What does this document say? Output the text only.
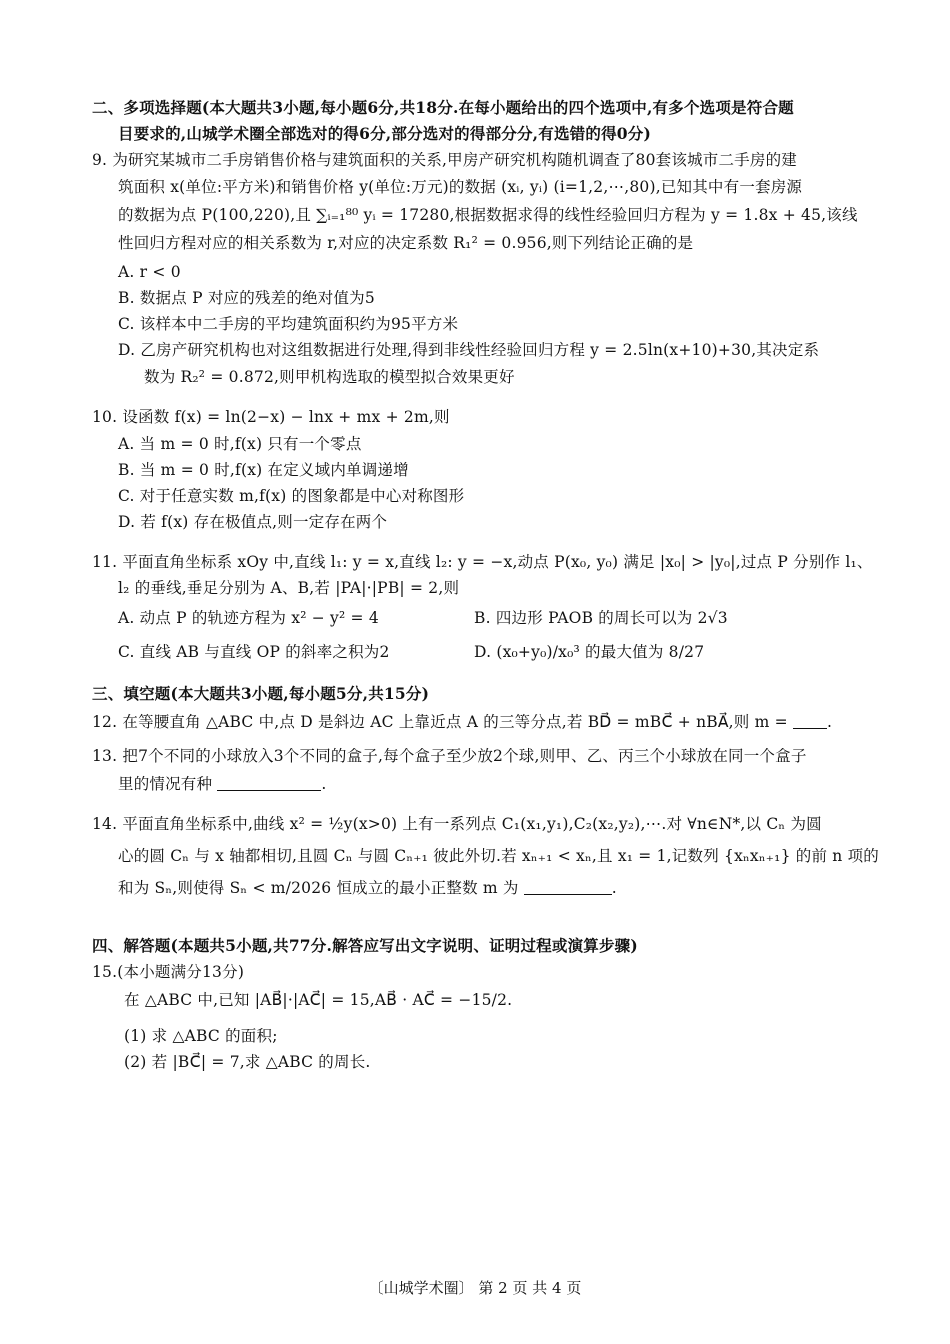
二、多项选择题(本大题共3小题,每小题6分,共18分.在每小题给出的四个选项中,有多个选项是符合题
目要求的,山城学术圈全部选对的得6分,部分选对的得部分分,有选错的得0分)
9. 为研究某城市二手房销售价格与建筑面积的关系,甲房产研究机构随机调查了80套该城市二手房的建
筑面积 x(单位:平方米)和销售价格 y(单位:万元)的数据 (xᵢ, yᵢ) (i=1,2,⋯,80),已知其中有一套房源
的数据为点 P(100,220),且 ∑ᵢ₌₁⁸⁰ yᵢ = 17280,根据数据求得的线性经验回归方程为 y = 1.8x + 45,该线
性回归方程对应的相关系数为 r,对应的决定系数 R₁² = 0.956,则下列结论正确的是
A. r < 0
B. 数据点 P 对应的残差的绝对值为5
C. 该样本中二手房的平均建筑面积约为95平方米
D. 乙房产研究机构也对这组数据进行处理,得到非线性经验回归方程 y = 2.5ln(x+10)+30,其决定系
数为 R₂² = 0.872,则甲机构选取的模型拟合效果更好
10. 设函数 f(x) = ln(2−x) − lnx + mx + 2m,则
A. 当 m = 0 时,f(x) 只有一个零点
B. 当 m = 0 时,f(x) 在定义域内单调递增
C. 对于任意实数 m,f(x) 的图象都是中心对称图形
D. 若 f(x) 存在极值点,则一定存在两个
11. 平面直角坐标系 xOy 中,直线 l₁: y = x,直线 l₂: y = −x,动点 P(x₀, y₀) 满足 |x₀| > |y₀|,过点 P 分别作 l₁、
l₂ 的垂线,垂足分别为 A、B,若 |PA|·|PB| = 2,则
A. 动点 P 的轨迹方程为 x² − y² = 4	B. 四边形 PAOB 的周长可以为 2√3
C. 直线 AB 与直线 OP 的斜率之积为2	D. (x₀+y₀)/x₀³ 的最大值为 8/27
三、填空题(本大题共3小题,每小题5分,共15分)
12. 在等腰直角 △ABC 中,点 D 是斜边 AC 上靠近点 A 的三等分点,若 BD⃗ = mBC⃗ + nBA⃗,则 m =	.
13. 把7个不同的小球放入3个不同的盒子,每个盒子至少放2个球,则甲、乙、丙三个小球放在同一个盒子
里的情况有种	.
14. 平面直角坐标系中,曲线 x² = ½y(x>0) 上有一系列点 C₁(x₁,y₁),C₂(x₂,y₂),⋯.对 ∀n∈N*,以 Cₙ 为圆
心的圆 Cₙ 与 x 轴都相切,且圆 Cₙ 与圆 Cₙ₊₁ 彼此外切.若 xₙ₊₁ < xₙ,且 x₁ = 1,记数列 {xₙxₙ₊₁} 的前 n 项的
和为 Sₙ,则使得 Sₙ < m/2026 恒成立的最小正整数 m 为	.
四、解答题(本题共5小题,共77分.解答应写出文字说明、证明过程或演算步骤)
15.(本小题满分13分)
在 △ABC 中,已知 |AB⃗|·|AC⃗| = 15,AB⃗ · AC⃗ = −15/2.
(1) 求 △ABC 的面积;
(2) 若 |BC⃗| = 7,求 △ABC 的周长.
〔山城学术圈〕 第 2 页 共 4 页
